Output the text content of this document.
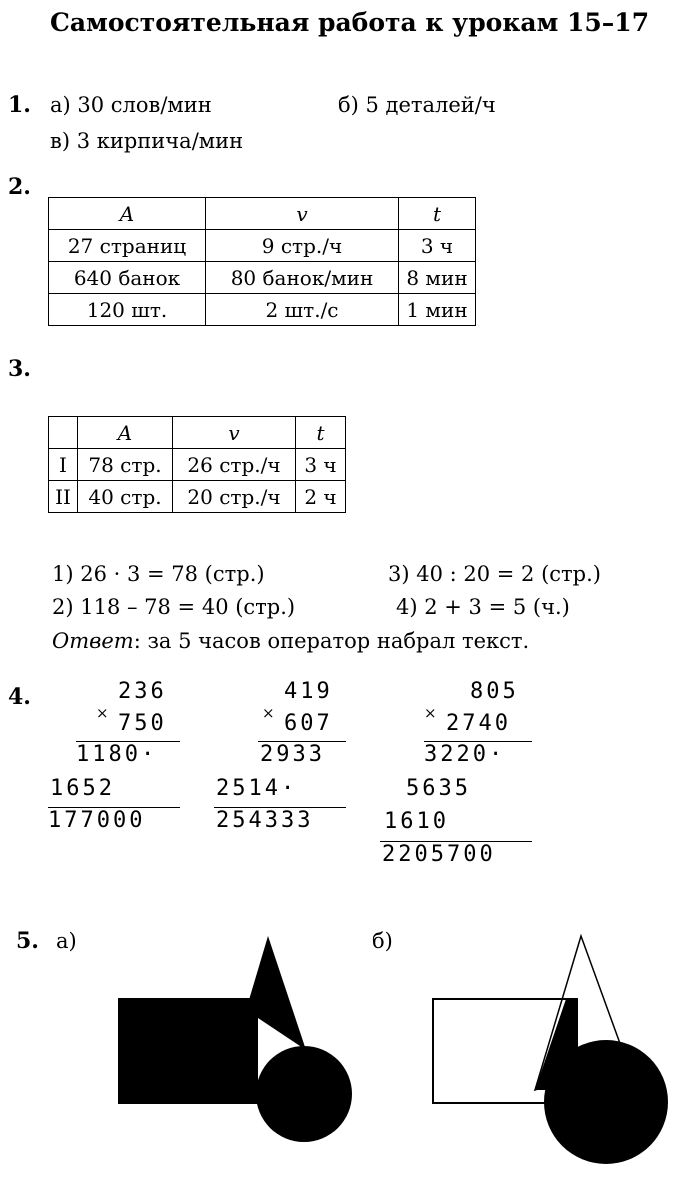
Самостоятельная работа к урокам 15–17
1. а) 30 слов/мин	б) 5 деталей/ч
в) 3 кирпича/мин
2.
A	v	t
27 страниц	9 стр./ч	3 ч
640 банок	80 банок/мин	8 мин
120 шт.	2 шт./с	1 мин
3.
	A	v	t
I	78 стр.	26 стр./ч	3 ч
II	40 стр.	20 стр./ч	2 ч
1) 26 · 3 = 78 (стр.)	3) 40 : 20 = 2 (стр.)
2) 118 – 78 = 40 (стр.)	4) 2 + 3 = 5 (ч.)
Ответ: за 5 часов оператор набрал текст.
4.	236
× 750
1180·
1652
177000
419
× 607
2933
2514·
254333
805
× 2740
3220·
5635
1610
2205700
5. а)	б)
